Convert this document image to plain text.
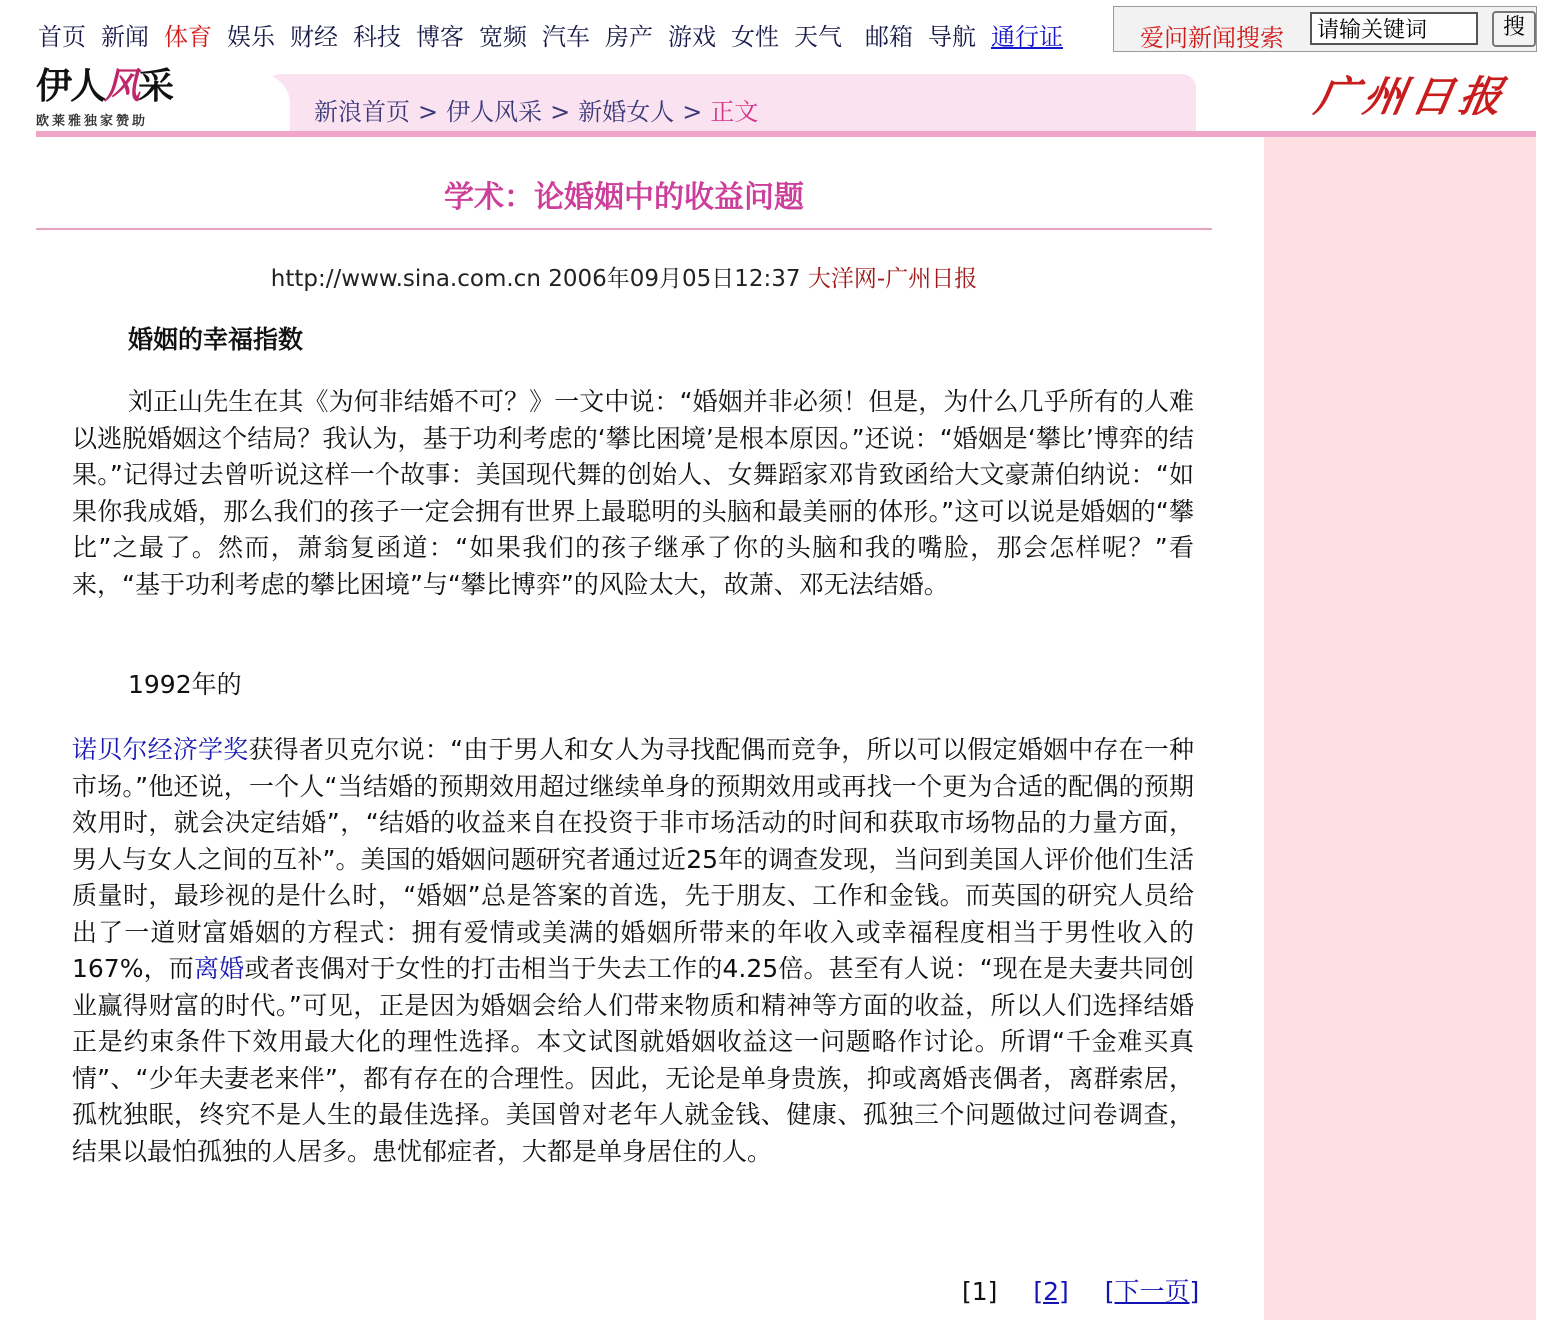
首页 新闻 体育 娱乐 财经 科技 博客 宽频 汽车 房产 游戏 女性 天气 邮箱 导航 通行证	爱问新闻搜索
请输关键词	搜
伊人风采
欧莱雅独家赞助	新浪首页 > 伊人风采 > 新婚女人 > 正文	广州日报
学术：论婚姻中的收益问题
http://www.sina.com.cn 2006年09月05日12:37 大洋网-广州日报
婚姻的幸福指数

刘正山先生在其《为何非结婚不可？》一文中说：“婚姻并非必须！但是，为什么几乎所有的人难以逃脱婚姻这个结局？我认为，基于功利考虑的‘攀比困境’是根本原因。”还说：“婚姻是‘攀比’博弈的结果。”记得过去曾听说这样一个故事：美国现代舞的创始人、女舞蹈家邓肯致函给大文豪萧伯纳说：“如果你我成婚，那么我们的孩子一定会拥有世界上最聪明的头脑和最美丽的体形。”这可以说是婚姻的“攀比”之最了。然而，萧翁复函道：“如果我们的孩子继承了你的头脑和我的嘴脸，那会怎样呢？”看来，“基于功利考虑的攀比困境”与“攀比博弈”的风险太大，故萧、邓无法结婚。

1992年的

诺贝尔经济学奖获得者贝克尔说：“由于男人和女人为寻找配偶而竞争，所以可以假定婚姻中存在一种市场。”他还说，一个人“当结婚的预期效用超过继续单身的预期效用或再找一个更为合适的配偶的预期效用时，就会决定结婚”，“结婚的收益来自在投资于非市场活动的时间和获取市场物品的力量方面，男人与女人之间的互补”。美国的婚姻问题研究者通过近25年的调查发现，当问到美国人评价他们生活质量时，最珍视的是什么时，“婚姻”总是答案的首选，先于朋友、工作和金钱。而英国的研究人员给出了一道财富婚姻的方程式：拥有爱情或美满的婚姻所带来的年收入或幸福程度相当于男性收入的167%，而离婚或者丧偶对于女性的打击相当于失去工作的4.25倍。甚至有人说：“现在是夫妻共同创业赢得财富的时代。”可见，正是因为婚姻会给人们带来物质和精神等方面的收益，所以人们选择结婚正是约束条件下效用最大化的理性选择。本文试图就婚姻收益这一问题略作讨论。所谓“千金难买真情”、“少年夫妻老来伴”，都有存在的合理性。因此，无论是单身贵族，抑或离婚丧偶者，离群索居，孤枕独眠，终究不是人生的最佳选择。美国曾对老年人就金钱、健康、孤独三个问题做过问卷调查，结果以最怕孤独的人居多。患忧郁症者，大都是单身居住的人。

[1] [2] [下一页]
